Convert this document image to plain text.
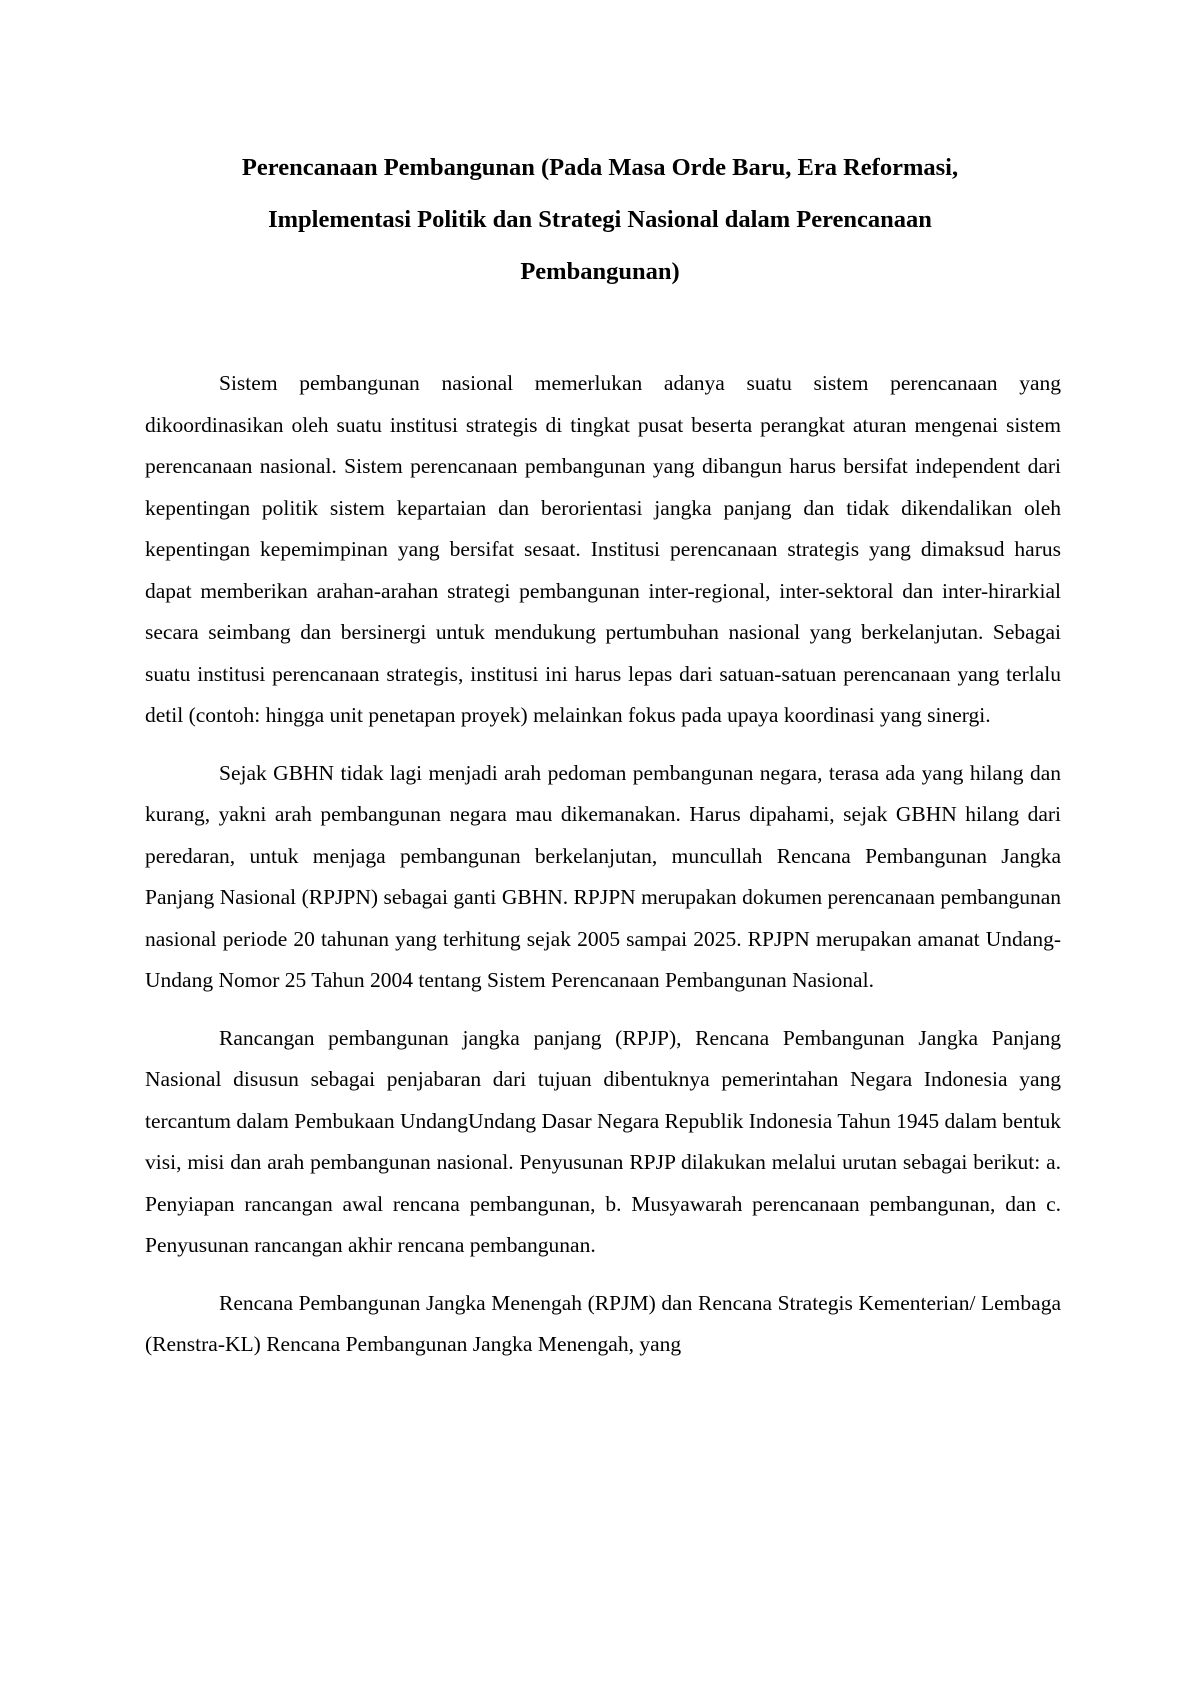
Perencanaan Pembangunan (Pada Masa Orde Baru, Era Reformasi,
Implementasi Politik dan Strategi Nasional dalam Perencanaan
Pembangunan)

Sistem pembangunan nasional memerlukan adanya suatu sistem perencanaan yang dikoordinasikan oleh suatu institusi strategis di tingkat pusat beserta perangkat aturan mengenai sistem perencanaan nasional. Sistem perencanaan pembangunan yang dibangun harus bersifat independent dari kepentingan politik sistem kepartaian dan berorientasi jangka panjang dan tidak dikendalikan oleh kepentingan kepemimpinan yang bersifat sesaat. Institusi perencanaan strategis yang dimaksud harus dapat memberikan arahan-arahan strategi pembangunan inter-regional, inter-sektoral dan inter-hirarkial secara seimbang dan bersinergi untuk mendukung pertumbuhan nasional yang berkelanjutan. Sebagai suatu institusi perencanaan strategis, institusi ini harus lepas dari satuan-satuan perencanaan yang terlalu detil (contoh: hingga unit penetapan proyek) melainkan fokus pada upaya koordinasi yang sinergi.

Sejak GBHN tidak lagi menjadi arah pedoman pembangunan negara, terasa ada yang hilang dan kurang, yakni arah pembangunan negara mau dikemanakan. Harus dipahami, sejak GBHN hilang dari peredaran, untuk menjaga pembangunan berkelanjutan, muncullah Rencana Pembangunan Jangka Panjang Nasional (RPJPN) sebagai ganti GBHN. RPJPN merupakan dokumen perencanaan pembangunan nasional periode 20 tahunan yang terhitung sejak 2005 sampai 2025. RPJPN merupakan amanat Undang- Undang Nomor 25 Tahun 2004 tentang Sistem Perencanaan Pembangunan Nasional.

Rancangan pembangunan jangka panjang (RPJP), Rencana Pembangunan Jangka Panjang Nasional disusun sebagai penjabaran dari tujuan dibentuknya pemerintahan Negara Indonesia yang tercantum dalam Pembukaan UndangUndang Dasar Negara Republik Indonesia Tahun 1945 dalam bentuk visi, misi dan arah pembangunan nasional. Penyusunan RPJP dilakukan melalui urutan sebagai berikut: a. Penyiapan rancangan awal rencana pembangunan, b. Musyawarah perencanaan pembangunan, dan c. Penyusunan rancangan akhir rencana pembangunan.

Rencana Pembangunan Jangka Menengah (RPJM) dan Rencana Strategis Kementerian/ Lembaga (Renstra-KL) Rencana Pembangunan Jangka Menengah, yang
